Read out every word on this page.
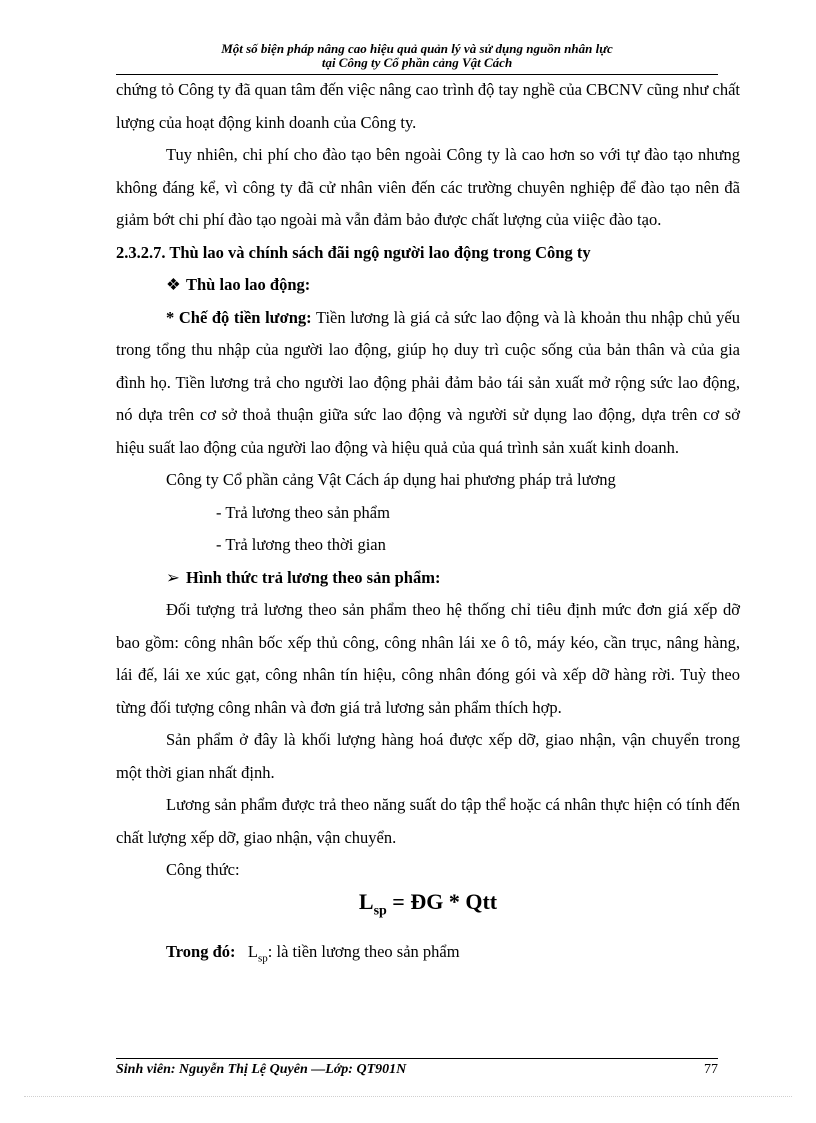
Một số biện pháp nâng cao hiệu quả quản lý và sử dụng nguồn nhân lực
tại Công ty Cổ phần cảng Vật Cách

chứng tỏ Công ty đã quan tâm đến việc nâng cao trình độ tay nghề của CBCNV cũng như chất lượng của hoạt động kinh doanh của Công ty.

Tuy nhiên, chi phí cho đào tạo bên ngoài Công ty là cao hơn so với tự đào tạo nhưng không đáng kể, vì công ty đã cử nhân viên đến các trường chuyên nghiệp để đào tạo nên đã giảm bớt chi phí đào tạo ngoài mà vẫn đảm bảo được chất lượng của viiệc đào tạo.

2.3.2.7. Thù lao và chính sách đãi ngộ người lao động trong Công ty

❖ Thù lao lao động:

* Chế độ tiền lương: Tiền lương là giá cả sức lao động và là khoản thu nhập chủ yếu trong tổng thu nhập của người lao động, giúp họ duy trì cuộc sống của bản thân và của gia đình họ. Tiền lương trả cho người lao động phải đảm bảo tái sản xuất mở rộng sức lao động, nó dựa trên cơ sở thoả thuận giữa sức lao động và người sử dụng lao động, dựa trên cơ sở hiệu suất lao động của người lao động và hiệu quả của quá trình sản xuất kinh doanh.

Công ty Cổ phần cảng Vật Cách áp dụng hai phương pháp trả lương

- Trả lương theo sản phẩm

- Trả lương theo thời gian

➢ Hình thức trả lương theo sản phẩm:

Đối tượng trả lương theo sản phẩm theo hệ thống chỉ tiêu định mức đơn giá xếp dỡ bao gồm: công nhân bốc xếp thủ công, công nhân lái xe ô tô, máy kéo, cần trục, nâng hàng, lái đế, lái xe xúc gạt, công nhân tín hiệu, công nhân đóng gói và xếp dỡ hàng rời. Tuỳ theo từng đối tượng công nhân và đơn giá trả lương sản phẩm thích hợp.

Sản phẩm ở đây là khối lượng hàng hoá được xếp dỡ, giao nhận, vận chuyển trong một thời gian nhất định.

Lương sản phẩm được trả theo năng suất do tập thể hoặc cá nhân thực hiện có tính đến chất lượng xếp dỡ, giao nhận, vận chuyển.

Công thức:

$L_{sp}$ = ĐG * Qtt

Trong đó: $L_{sp}$: là tiền lương theo sản phẩm

Sinh viên: Nguyễn Thị Lệ Quyên —Lớp: QT901N	77
